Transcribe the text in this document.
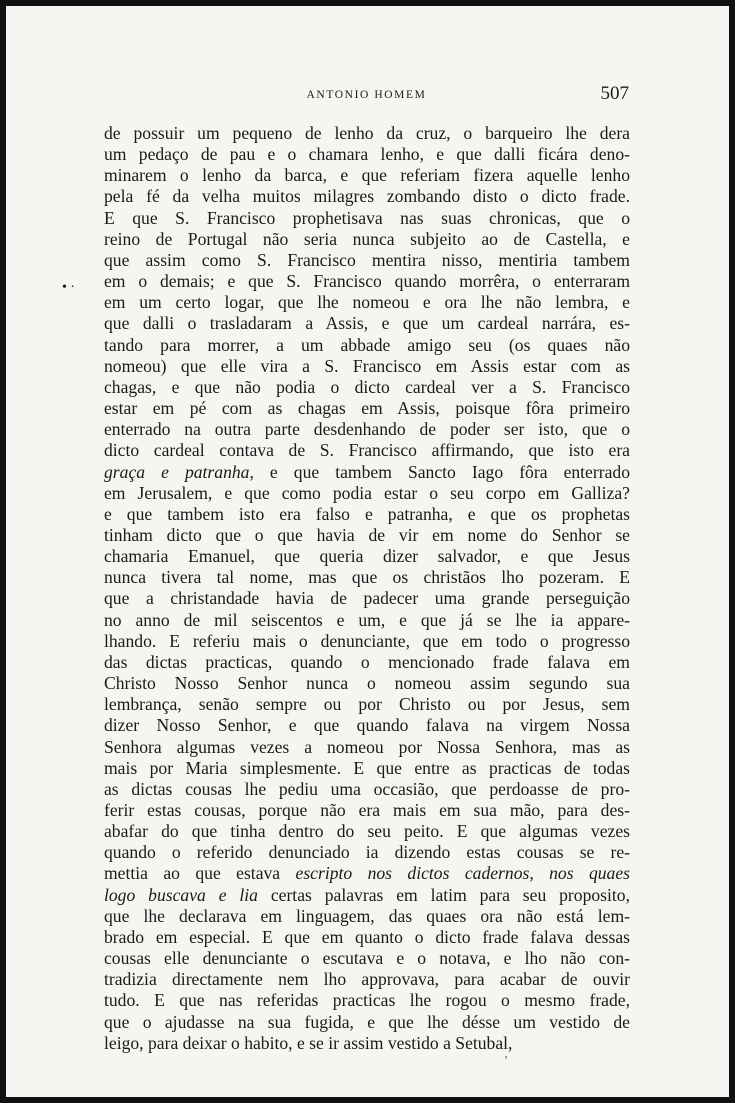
ANTONIO HOMEM	507
• ·
de possuir um pequeno de lenho da cruz, o barqueiro lhe dera
um pedaço de pau e o chamara lenho, e que dalli ficára deno-
minarem o lenho da barca, e que referiam fizera aquelle lenho
pela fé da velha muitos milagres zombando disto o dicto frade.
E que S. Francisco prophetisava nas suas chronicas, que o
reino de Portugal não seria nunca subjeito ao de Castella, e
que assim como S. Francisco mentira nisso, mentiria tambem
em o demais; e que S. Francisco quando morrêra, o enterraram
em um certo logar, que lhe nomeou e ora lhe não lembra, e
que dalli o trasladaram a Assis, e que um cardeal narrára, es-
tando para morrer, a um abbade amigo seu (os quaes não
nomeou) que elle vira a S. Francisco em Assis estar com as
chagas, e que não podia o dicto cardeal ver a S. Francisco
estar em pé com as chagas em Assis, poisque fôra primeiro
enterrado na outra parte desdenhando de poder ser isto, que o
dicto cardeal contava de S. Francisco affirmando, que isto era
graça e patranha, e que tambem Sancto Iago fôra enterrado
em Jerusalem, e que como podia estar o seu corpo em Galliza?
e que tambem isto era falso e patranha, e que os prophetas
tinham dicto que o que havia de vir em nome do Senhor se
chamaria Emanuel, que queria dizer salvador, e que Jesus
nunca tivera tal nome, mas que os christãos lho pozeram. E
que a christandade havia de padecer uma grande perseguição
no anno de mil seiscentos e um, e que já se lhe ia appare-
lhando. E referiu mais o denunciante, que em todo o progresso
das dictas practicas, quando o mencionado frade falava em
Christo Nosso Senhor nunca o nomeou assim segundo sua
lembrança, senão sempre ou por Christo ou por Jesus, sem
dizer Nosso Senhor, e que quando falava na virgem Nossa
Senhora algumas vezes a nomeou por Nossa Senhora, mas as
mais por Maria simplesmente. E que entre as practicas de todas
as dictas cousas lhe pediu uma occasião, que perdoasse de pro-
ferir estas cousas, porque não era mais em sua mão, para des-
abafar do que tinha dentro do seu peito. E que algumas vezes
quando o referido denunciado ia dizendo estas cousas se re-
mettia ao que estava escripto nos dictos cadernos, nos quaes
logo buscava e lia certas palavras em latim para seu proposito,
que lhe declarava em linguagem, das quaes ora não está lem-
brado em especial. E que em quanto o dicto frade falava dessas
cousas elle denunciante o escutava e o notava, e lho não con-
tradizia directamente nem lho approvava, para acabar de ouvir
tudo. E que nas referidas practicas lhe rogou o mesmo frade,
que o ajudasse na sua fugida, e que lhe désse um vestido de
leigo, para deixar o habito, e se ir assim vestido a Setubal,
ʼ
